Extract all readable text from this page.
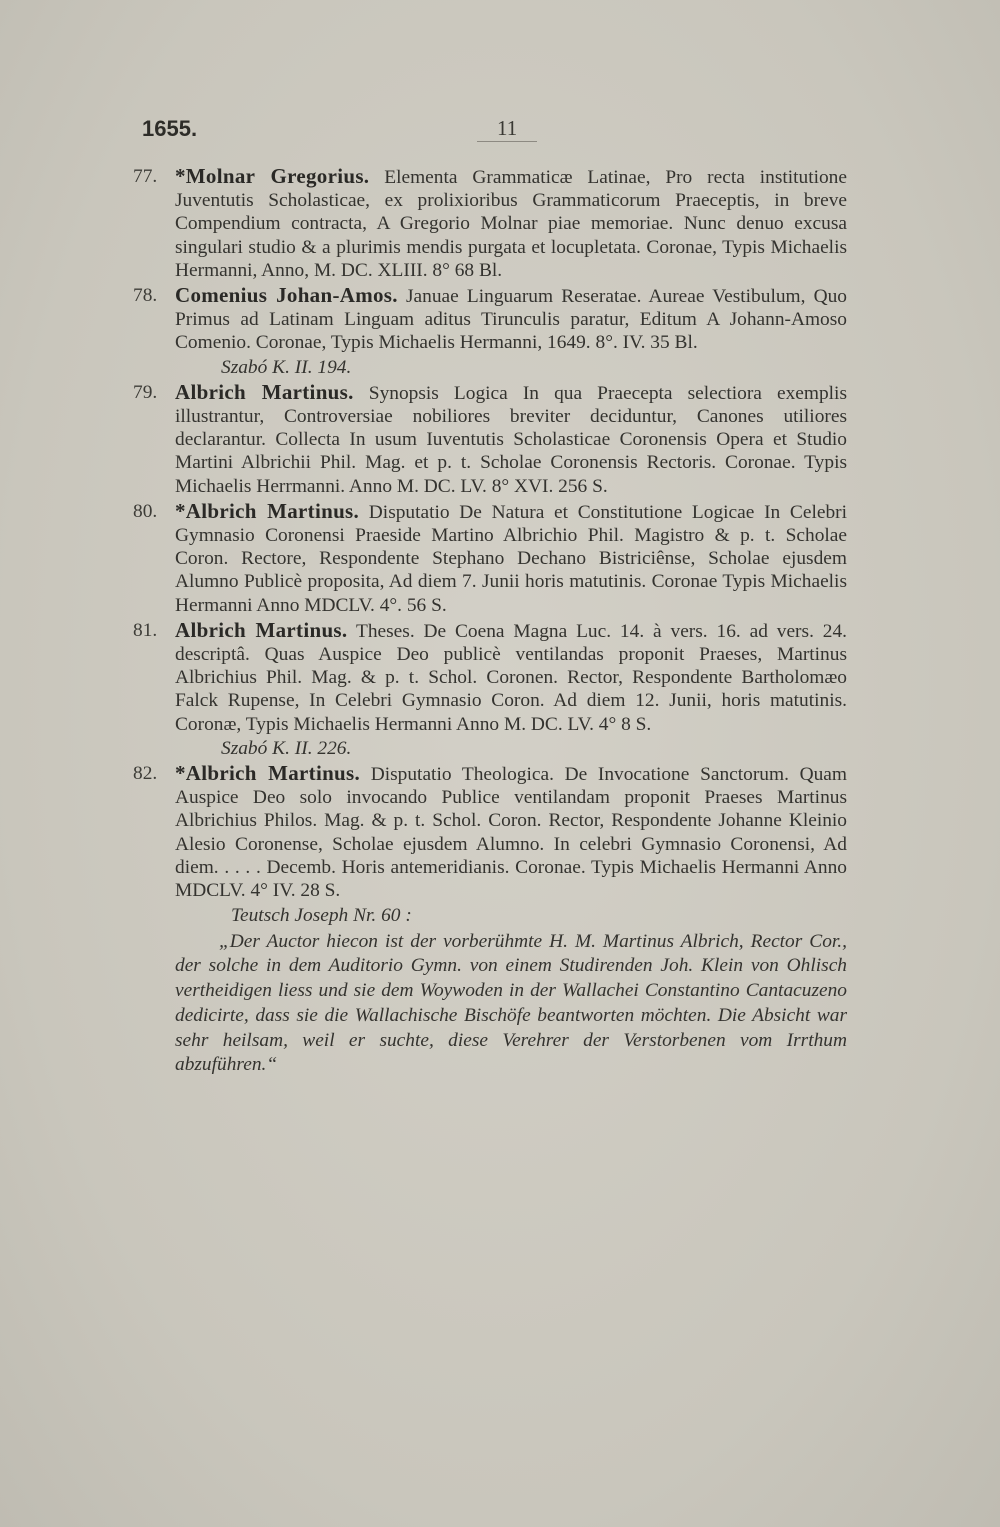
1655.	11
77. *Molnar Gregorius. Elementa Grammaticæ Latinae, Pro recta institutione Juventutis Scholasticae, ex prolixioribus Grammaticorum Praeceptis, in breve Compendium contracta, A Gregorio Molnar piae memoriae. Nunc denuo excusa singulari studio & a plurimis mendis purgata et locupletata. Coronae, Typis Michaelis Hermanni, Anno, M. DC. XLIII. 8° 68 Bl.
78. Comenius Johan-Amos. Januae Linguarum Reseratae. Aureae Vestibulum, Quo Primus ad Latinam Linguam aditus Tirunculis paratur, Editum A Johann-Amoso Comenio. Coronae, Typis Michaelis Hermanni, 1649. 8°. IV. 35 Bl.
Szabó K. II. 194.
79. Albrich Martinus. Synopsis Logica In qua Praecepta selectiora exemplis illustrantur, Controversiae nobiliores breviter deciduntur, Canones utiliores declarantur. Collecta In usum Iuventutis Scholasticae Coronensis Opera et Studio Martini Albrichii Phil. Mag. et p. t. Scholae Coronensis Rectoris. Coronae. Typis Michaelis Herrmanni. Anno M. DC. LV. 8° XVI. 256 S.
80. *Albrich Martinus. Disputatio De Natura et Constitutione Logicae In Celebri Gymnasio Coronensi Praeside Martino Albrichio Phil. Magistro & p. t. Scholae Coron. Rectore, Respondente Stephano Dechano Bistriciênse, Scholae ejusdem Alumno Publicè proposita, Ad diem 7. Junii horis matutinis. Coronae Typis Michaelis Hermanni Anno MDCLV. 4°. 56 S.
81. Albrich Martinus. Theses. De Coena Magna Luc. 14. à vers. 16. ad vers. 24. descriptâ. Quas Auspice Deo publicè ventilandas proponit Praeses, Martinus Albrichius Phil. Mag. & p. t. Schol. Coronen. Rector, Respondente Bartholomæo Falck Rupense, In Celebri Gymnasio Coron. Ad diem 12. Junii, horis matutinis. Coronæ, Typis Michaelis Hermanni Anno M. DC. LV. 4° 8 S.
Szabó K. II. 226.
82. *Albrich Martinus. Disputatio Theologica. De Invocatione Sanctorum. Quam Auspice Deo solo invocando Publice ventilandam proponit Praeses Martinus Albrichius Philos. Mag. & p. t. Schol. Coron. Rector, Respondente Johanne Kleinio Alesio Coronense, Scholae ejusdem Alumno. In celebri Gymnasio Coronensi, Ad diem. . . . . Decemb. Horis antemeridianis. Coronae. Typis Michaelis Hermanni Anno MDCLV. 4° IV. 28 S.
Teutsch Joseph Nr. 60 :
„Der Auctor hiecon ist der vorberühmte H. M. Martinus Albrich, Rector Cor., der solche in dem Auditorio Gymn. von einem Studirenden Joh. Klein von Ohlisch vertheidigen liess und sie dem Woywoden in der Wallachei Constantino Cantacuzeno dedicirte, dass sie die Wallachische Bischöfe beantworten möchten. Die Absicht war sehr heilsam, weil er suchte, diese Verehrer der Verstorbenen vom Irrthum abzuführen.“
